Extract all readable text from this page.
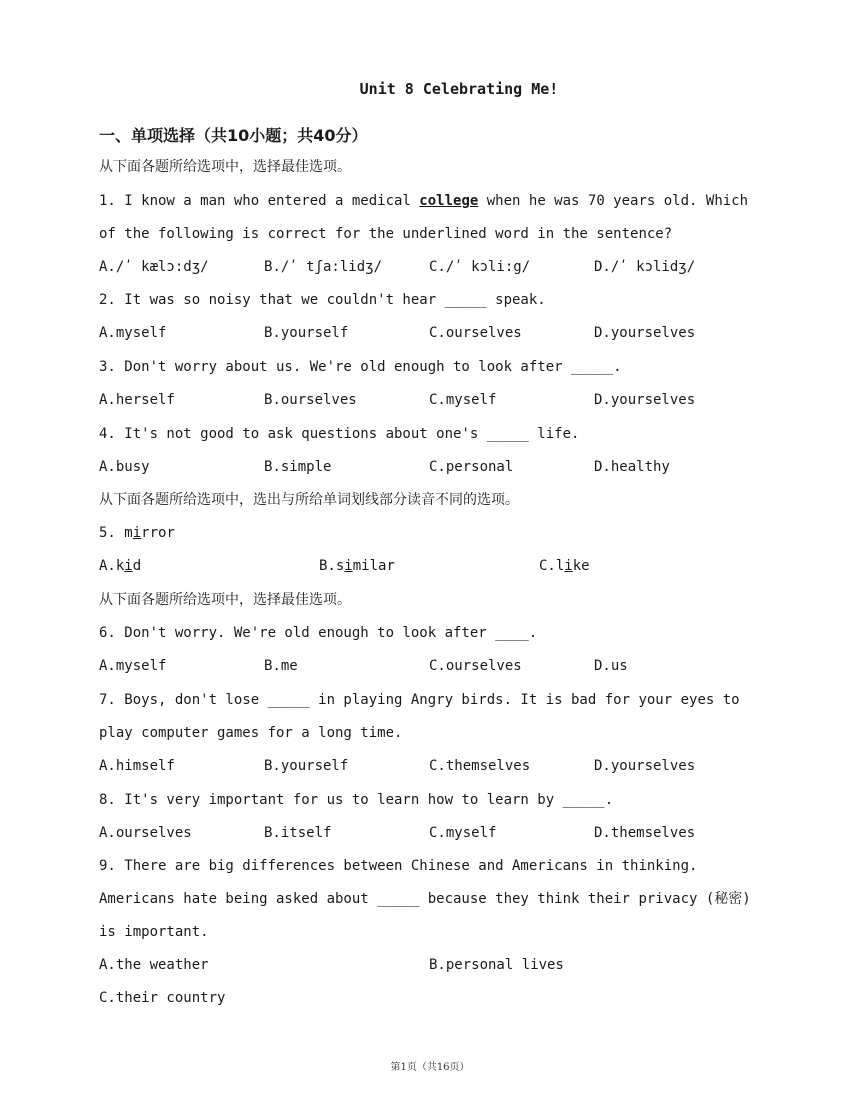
Unit 8 Celebrating Me!
一、单项选择（共10小题；共40分）
从下面各题所给选项中，选择最佳选项。
1. I know a man who entered a medical college when he was 70 years old. Which
of the following is correct for the underlined word in the sentence?
A./ʹ kælɔ:dʒ/	B./ʹ tʃa:lidʒ/	C./ʹ kɔli:g/	D./ʹ kɔlidʒ/
2. It was so noisy that we couldn't hear _____ speak.
A.myself	B.yourself	C.ourselves	D.yourselves
3. Don't worry about us. We're old enough to look after _____.
A.herself	B.ourselves	C.myself	D.yourselves
4. It's not good to ask questions about one's _____ life.
A.busy	B.simple	C.personal	D.healthy
从下面各题所给选项中，选出与所给单词划线部分读音不同的选项。
5. mirror
A.kid	B.similar	C.like
从下面各题所给选项中，选择最佳选项。
6. Don't worry. We're old enough to look after ____.
A.myself	B.me	C.ourselves	D.us
7. Boys, don't lose _____ in playing Angry birds. It is bad for your eyes to
play computer games for a long time.
A.himself	B.yourself	C.themselves	D.yourselves
8. It's very important for us to learn how to learn by _____.
A.ourselves	B.itself	C.myself	D.themselves
9. There are big differences between Chinese and Americans in thinking.
Americans hate being asked about _____ because they think their privacy (秘密)
is important.
A.the weather	B.personal lives
C.their country
第1页（共16页）
